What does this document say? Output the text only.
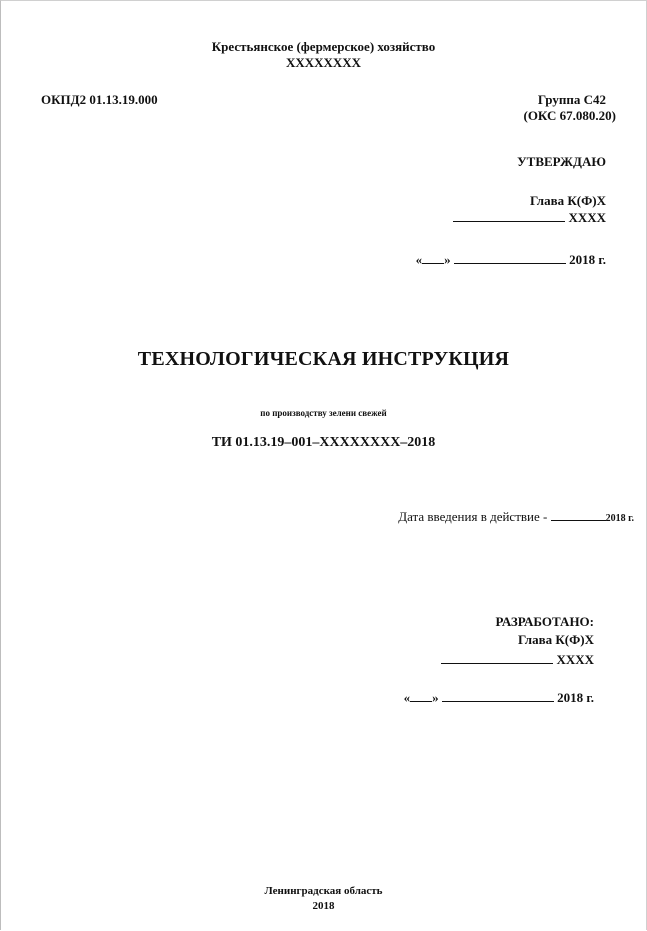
Крестьянское (фермерское) хозяйство
XXXXXXXX
ОКПД2 01.13.19.000	Группа С42
(ОКС 67.080.20)
УТВЕРЖДАЮ
Глава К(Ф)Х
XXXX
« »	2018 г.
ТЕХНОЛОГИЧЕСКАЯ ИНСТРУКЦИЯ
по производству зелени свежей
ТИ 01.13.19–001–XXXXXXXX–2018
Дата введения в действие -	2018 г.
РАЗРАБОТАНО:
Глава К(Ф)Х
XXXX
« »	2018 г.
Ленинградская область
2018
